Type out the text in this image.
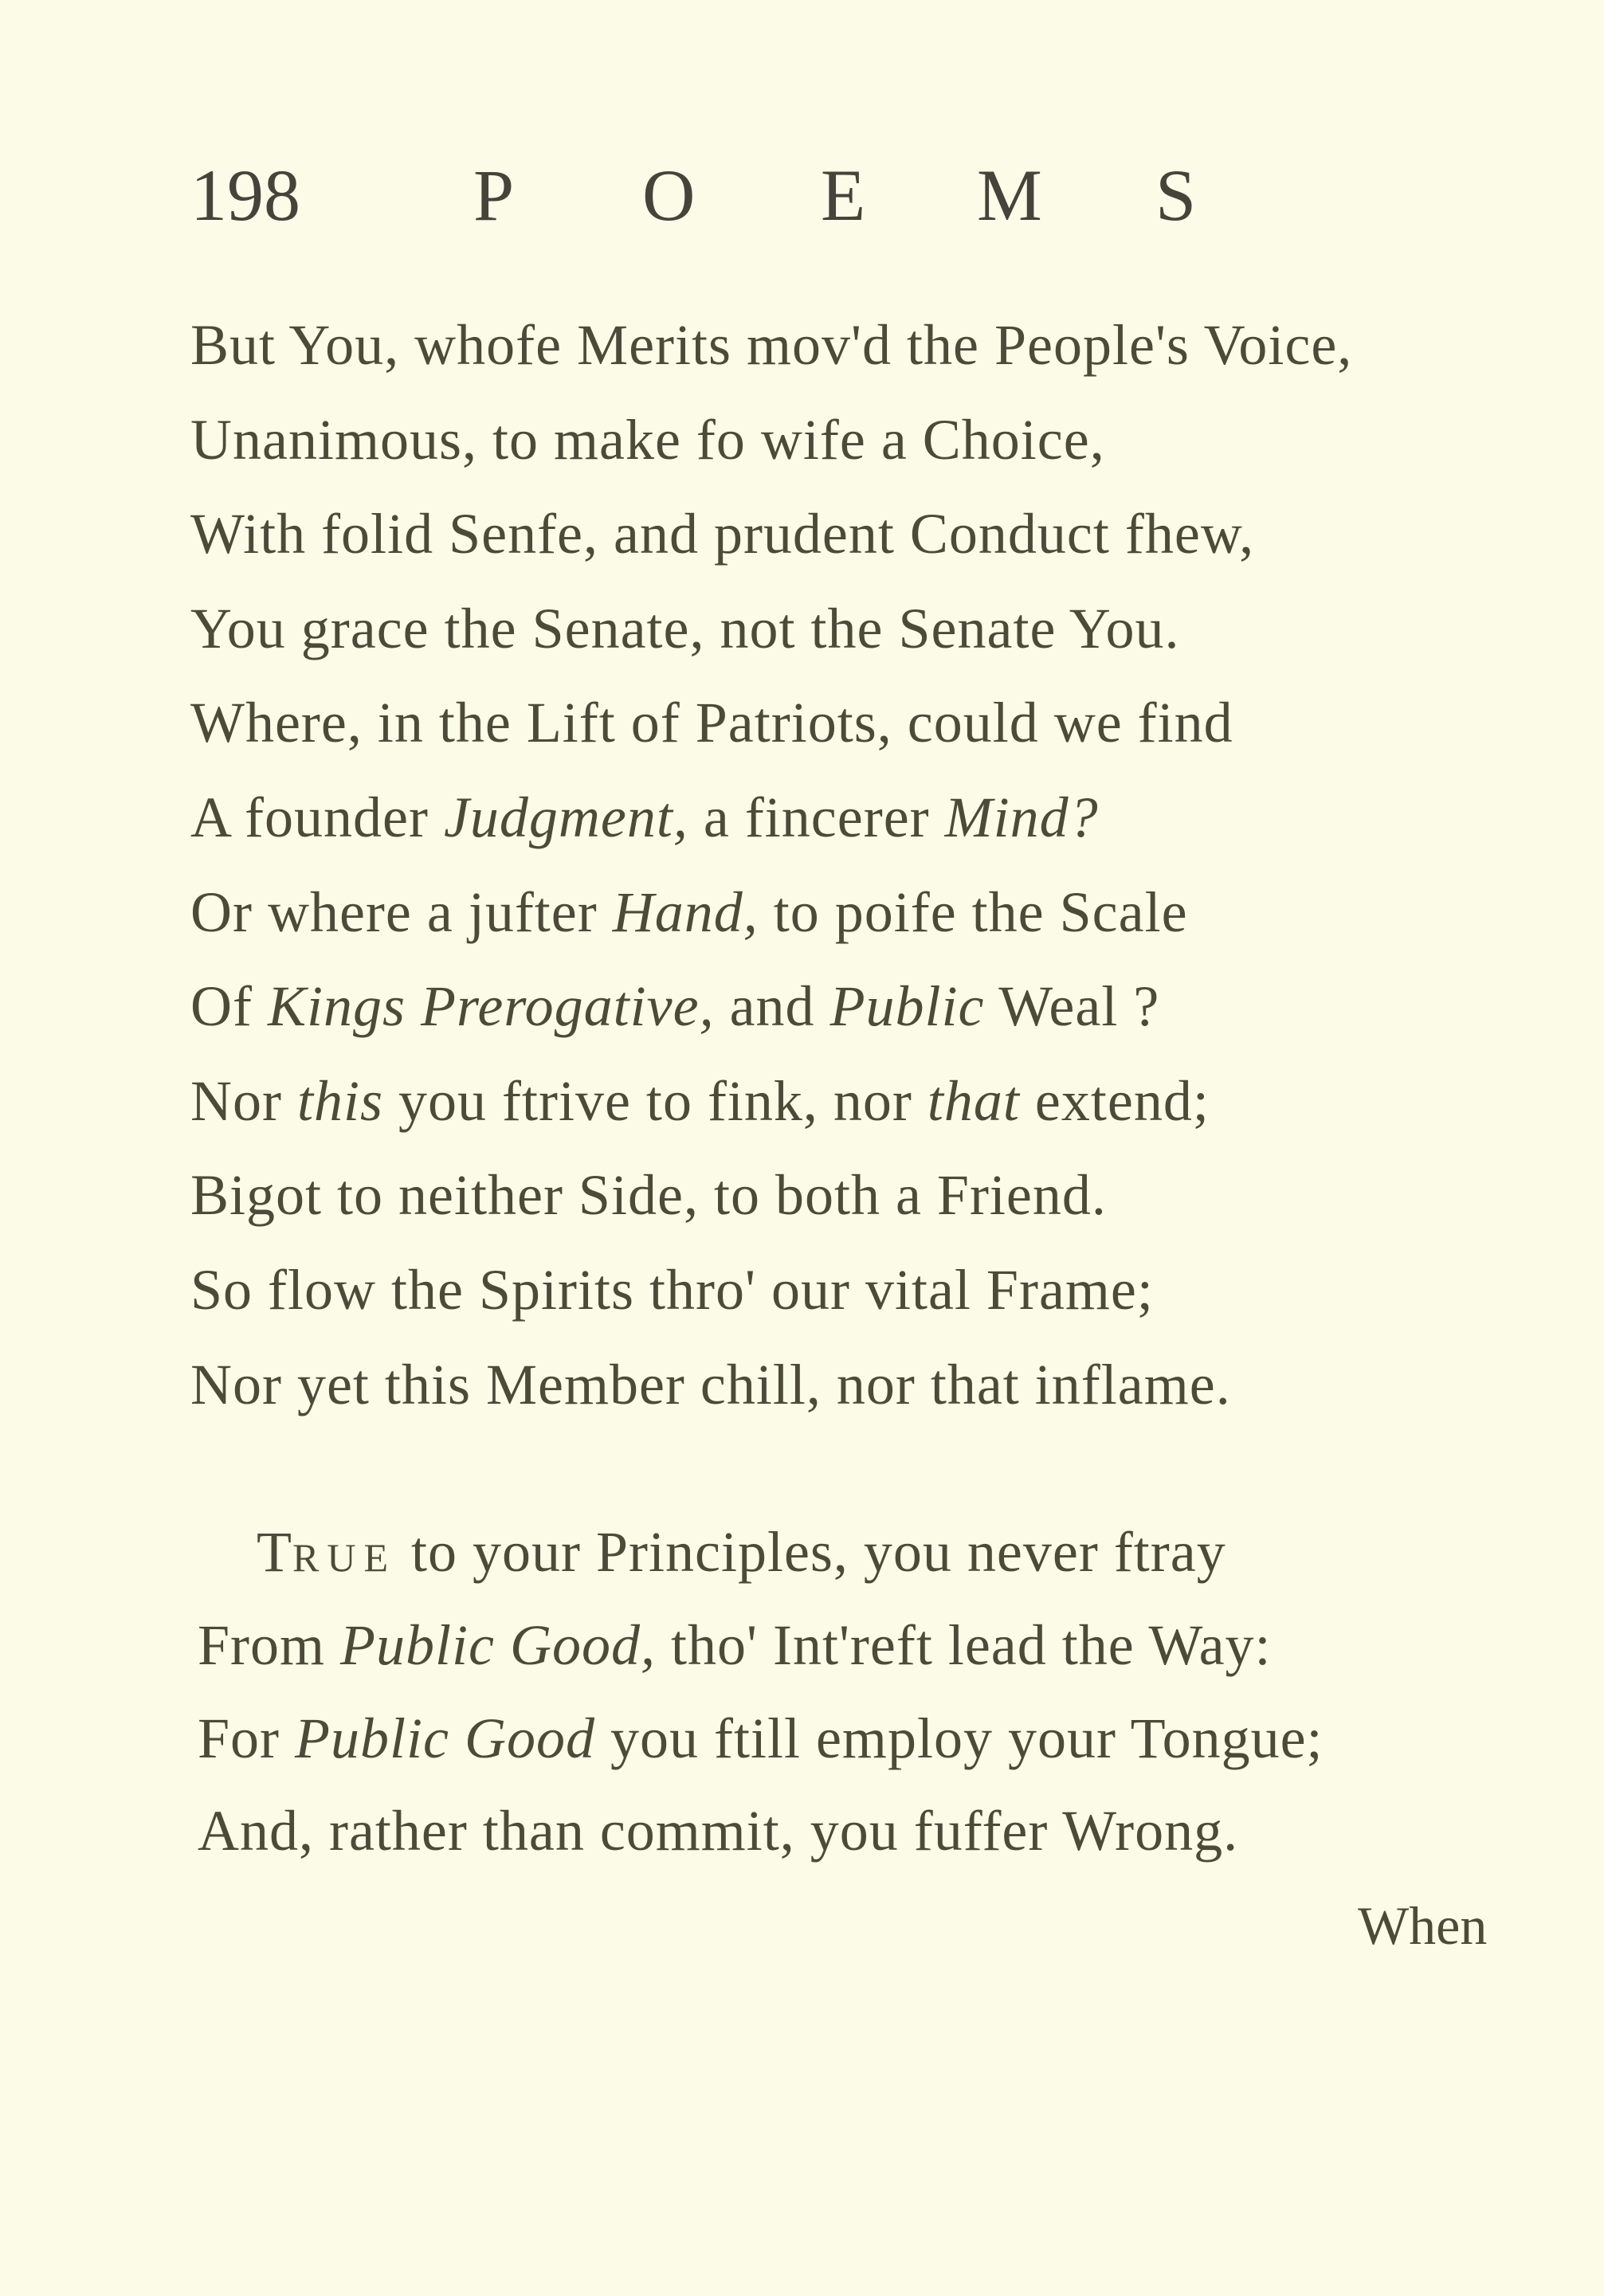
198 P O E M S
But You, whofe Merits mov'd the People's Voice,
Unanimous, to make fo wife a Choice,
With folid Senfe, and prudent Conduct fhew,
You grace the Senate, not the Senate You.
Where, in the Lift of Patriots, could we find
A founder Judgment, a fincerer Mind?
Or where a jufter Hand, to poife the Scale
Of Kings Prerogative, and Public Weal ?
Nor this you ftrive to fink, nor that extend;
Bigot to neither Side, to both a Friend.
So flow the Spirits thro' our vital Frame;
Nor yet this Member chill, nor that inflame.
TRUE to your Principles, you never ftray
From Public Good, tho' Int'reft lead the Way:
For Public Good you ftill employ your Tongue;
And, rather than commit, you fuffer Wrong.
When
